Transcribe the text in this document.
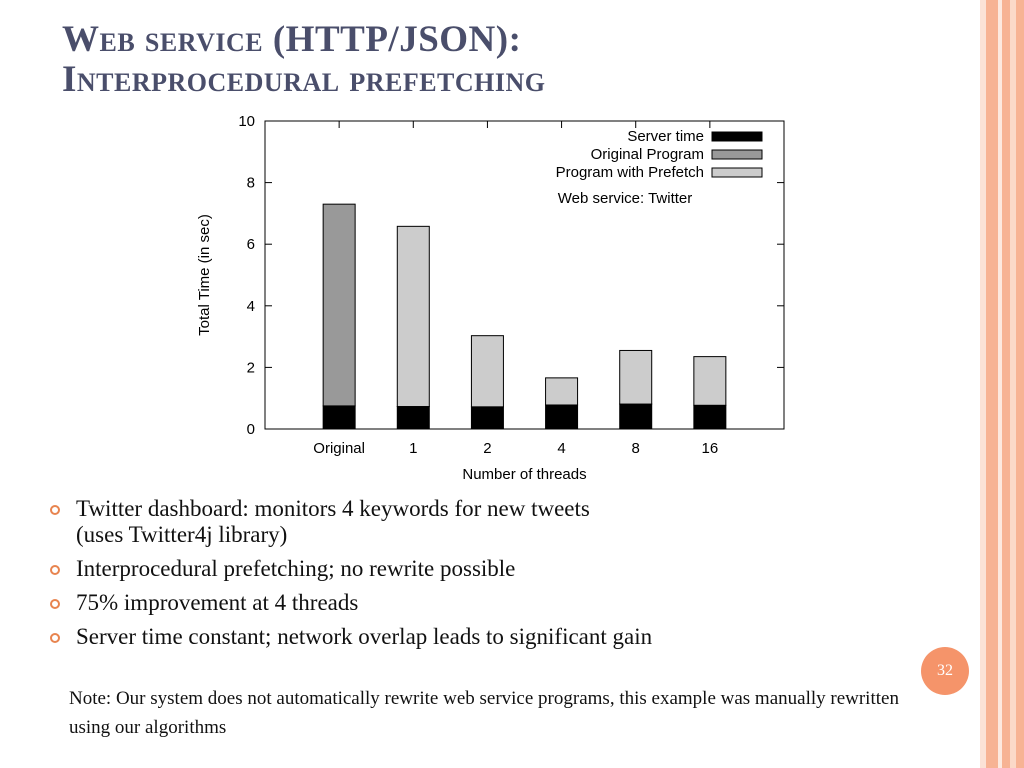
Web service (HTTP/JSON):
Interprocedural prefetching
0
2
4
6
8
10
Original	1	2	4	8	16
Number of threads
Total Time (in sec)
Server time
Original Program
Program with Prefetch
Web service: Twitter
Twitter dashboard: monitors 4 keywords for new tweets
(uses Twitter4j library)
Interprocedural prefetching; no rewrite possible
75% improvement at 4 threads
Server time constant; network overlap leads to significant gain
32

Note: Our system does not automatically rewrite web service programs, this example was manually rewritten using our algorithms
